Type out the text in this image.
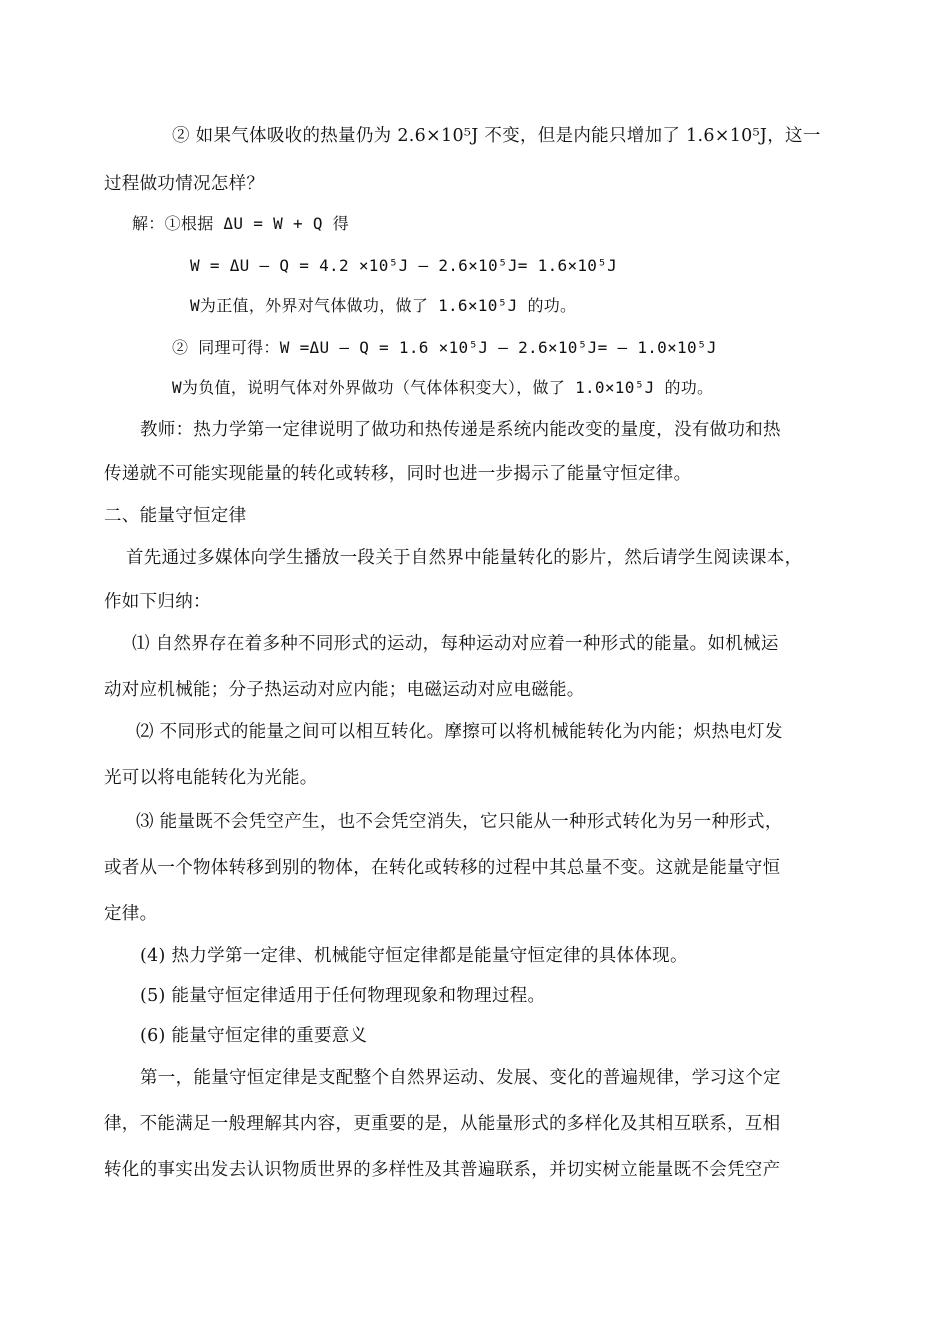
② 如果气体吸收的热量仍为 2.6×10⁵J 不变，但是内能只增加了 1.6×10⁵J，这一
过程做功情况怎样？
解：①根据 ΔU = W + Q 得
W = ΔU — Q = 4.2 ×10⁵J — 2.6×10⁵J= 1.6×10⁵J
W为正值，外界对气体做功，做了 1.6×10⁵J 的功。
② 同理可得：W =ΔU — Q = 1.6 ×10⁵J — 2.6×10⁵J= — 1.0×10⁵J
W为负值，说明气体对外界做功（气体体积变大），做了 1.0×10⁵J 的功。
教师：热力学第一定律说明了做功和热传递是系统内能改变的量度，没有做功和热
传递就不可能实现能量的转化或转移，同时也进一步揭示了能量守恒定律。
二、能量守恒定律
首先通过多媒体向学生播放一段关于自然界中能量转化的影片，然后请学生阅读课本，
作如下归纳：
⑴ 自然界存在着多种不同形式的运动，每种运动对应着一种形式的能量。如机械运
动对应机械能；分子热运动对应内能；电磁运动对应电磁能。
⑵ 不同形式的能量之间可以相互转化。摩擦可以将机械能转化为内能；炽热电灯发
光可以将电能转化为光能。
⑶ 能量既不会凭空产生，也不会凭空消失，它只能从一种形式转化为另一种形式，
或者从一个物体转移到别的物体，在转化或转移的过程中其总量不变。这就是能量守恒
定律。
(4) 热力学第一定律、机械能守恒定律都是能量守恒定律的具体体现。
(5) 能量守恒定律适用于任何物理现象和物理过程。
(6) 能量守恒定律的重要意义
第一，能量守恒定律是支配整个自然界运动、发展、变化的普遍规律，学习这个定
律，不能满足一般理解其内容，更重要的是，从能量形式的多样化及其相互联系，互相
转化的事实出发去认识物质世界的多样性及其普遍联系，并切实树立能量既不会凭空产
